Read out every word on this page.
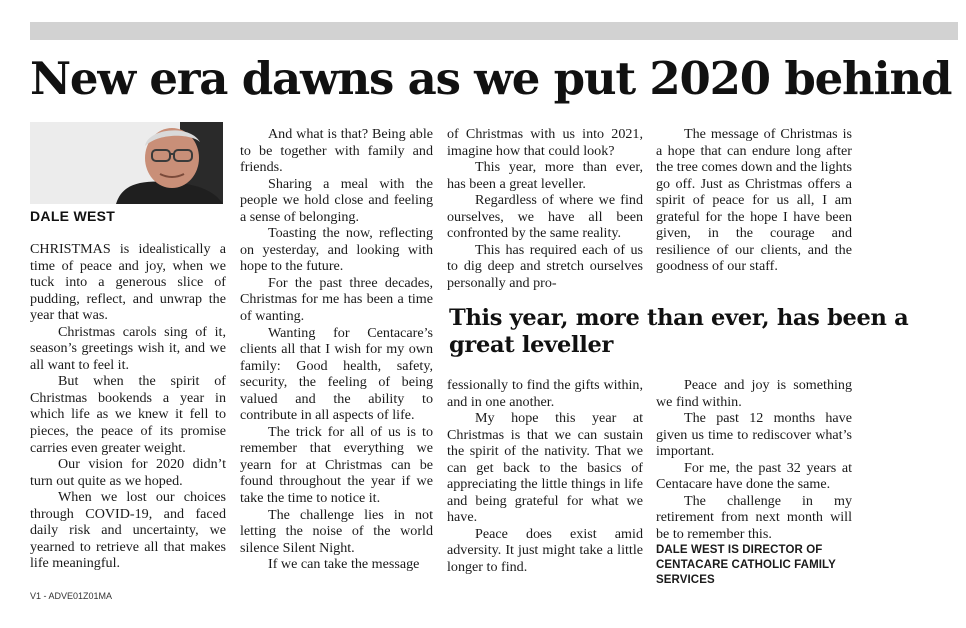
New era dawns as we put 2020 behind
DALE WEST

CHRISTMAS is idealistically a time of peace and joy, when we tuck into a generous slice of pudding, reflect, and unwrap the year that was.

Christmas carols sing of it, season’s greetings wish it, and we all want to feel it.

But when the spirit of Christmas bookends a year in which life as we knew it fell to pieces, the peace of its promise carries even greater weight.

Our vision for 2020 didn’t turn out quite as we hoped.

When we lost our choices through COVID-19, and faced daily risk and uncertainty, we yearned to retrieve all that makes life meaningful.

And what is that? Being able to be together with family and friends.

Sharing a meal with the people we hold close and feeling a sense of belonging.

Toasting the now, reflecting on yesterday, and looking with hope to the future.

For the past three decades, Christmas for me has been a time of wanting.

Wanting for Centacare’s clients all that I wish for my own family: Good health, safety, security, the feeling of being valued and the ability to contribute in all aspects of life.

The trick for all of us is to remember that everything we yearn for at Christmas can be found throughout the year if we take the time to notice it.

The challenge lies in not letting the noise of the world silence Silent Night.

If we can take the message

of Christmas with us into 2021, imagine how that could look?

This year, more than ever, has been a great leveller.

Regardless of where we find ourselves, we have all been confronted by the same reality.

This has required each of us to dig deep and stretch ourselves personally and pro-

This year, more than ever, has been a great leveller

fessionally to find the gifts within, and in one another.

My hope this year at Christmas is that we can sustain the spirit of the nativity. That we can get back to the basics of appreciating the little things in life and being grateful for what we have.

Peace does exist amid adversity. It just might take a little longer to find.

The message of Christmas is a hope that can endure long after the tree comes down and the lights go off. Just as Christmas offers a spirit of peace for us all, I am grateful for the hope I have been given, in the courage and resilience of our clients, and the goodness of our staff.

Peace and joy is something we find within.

The past 12 months have given us time to rediscover what’s important.

For me, the past 32 years at Centacare have done the same.

The challenge in my retirement from next month will be to remember this.

DALE WEST IS DIRECTOR OF CENTACARE CATHOLIC FAMILY SERVICES

V1 - ADVE01Z01MA
